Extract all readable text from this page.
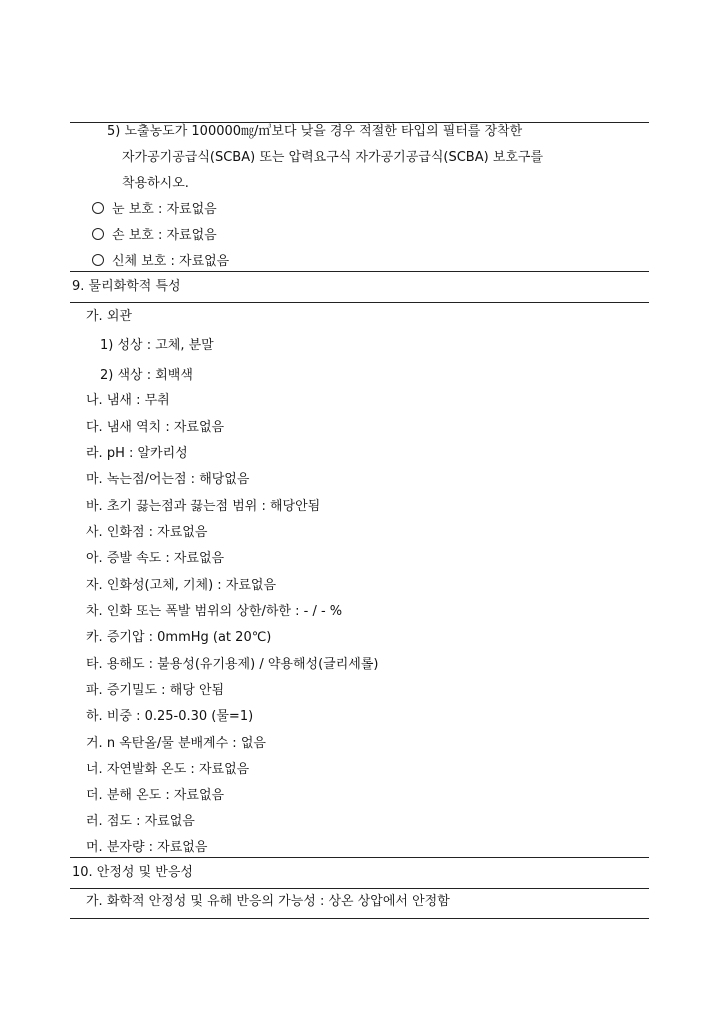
5) 노출농도가 100000㎎/㎥보다 낮을 경우 적절한 타입의 필터를 장착한
자가공기공급식(SCBA) 또는 압력요구식 자가공기공급식(SCBA) 보호구를
착용하시오.
눈 보호 : 자료없음
손 보호 : 자료없음
신체 보호 : 자료없음
9. 물리화학적 특성
가. 외관
1) 성상 : 고체, 분말
2) 색상 : 회백색
나. 냄새 : 무취
다. 냄새 역치 : 자료없음
라. pH : 알카리성
마. 녹는점/어는점 : 해당없음
바. 초기 끓는점과 끓는점 범위 : 해당안됨
사. 인화점 : 자료없음
아. 증발 속도 : 자료없음
자. 인화성(고체, 기체) : 자료없음
차. 인화 또는 폭발 범위의 상한/하한 : - / - %
카. 증기압 : 0mmHg (at 20℃)
타. 용해도 : 불용성(유기용제) / 약용해성(글리세롤)
파. 증기밀도 : 해당 안됨
하. 비중 : 0.25-0.30 (물=1)
거. n 옥탄올/물 분배계수 : 없음
너. 자연발화 온도 : 자료없음
더. 분해 온도 : 자료없음
러. 점도 : 자료없음
머. 분자량 : 자료없음
10. 안정성 및 반응성
가. 화학적 안정성 및 유해 반응의 가능성 : 상온 상압에서 안정함
